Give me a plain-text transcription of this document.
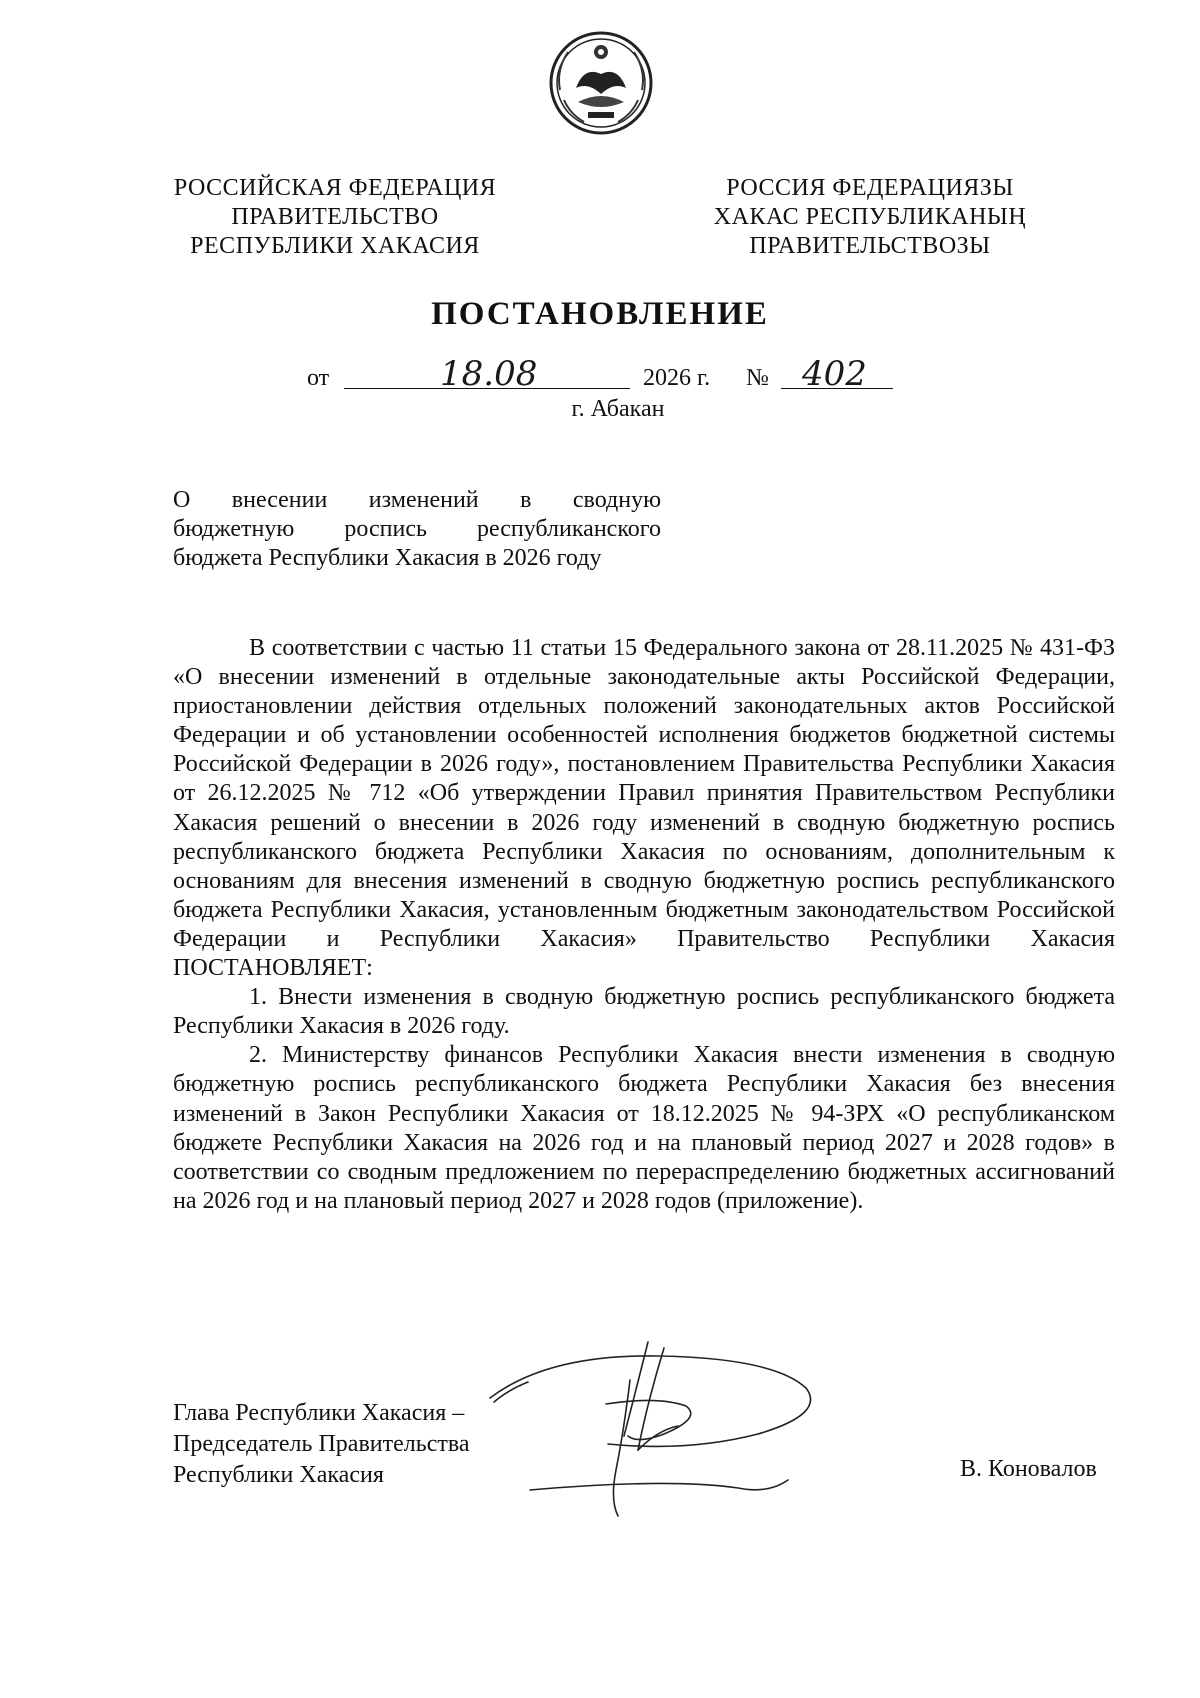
РОССИЙСКАЯ ФЕДЕРАЦИЯ
ПРАВИТЕЛЬСТВО
РЕСПУБЛИКИ ХАКАСИЯ
РОССИЯ ФЕДЕРАЦИЯЗЫ
ХАКАС РЕСПУБЛИКАНЫҢ
ПРАВИТЕЛЬСТВОЗЫ
ПОСТАНОВЛЕНИЕ
от	18.08	2026 г. № 402
г. Абакан
О внесении изменений в сводную
бюджетную роспись республиканского
бюджета Республики Хакасия в 2026 году

В соответствии с частью 11 статьи 15 Федерального закона от 28.11.2025 № 431-ФЗ «О внесении изменений в отдельные законодательные акты Российской Федерации, приостановлении действия отдельных положений законодательных актов Российской Федерации и об установлении особенностей исполнения бюджетов бюджетной системы Российской Федерации в 2026 году», постановлением Правительства Республики Хакасия от 26.12.2025 № 712 «Об утверждении Правил принятия Правительством Республики Хакасия решений о внесении в 2026 году изменений в сводную бюджетную роспись республиканского бюджета Республики Хакасия по основаниям, дополнительным к основаниям для внесения изменений в сводную бюджетную роспись республиканского бюджета Республики Хакасия, установленным бюджетным законодательством Российской Федерации и Республики Хакасия» Правительство Республики Хакасия ПОСТАНОВЛЯЕТ:

1. Внести изменения в сводную бюджетную роспись республиканского бюджета Республики Хакасия в 2026 году.

2. Министерству финансов Республики Хакасия внести изменения в сводную бюджетную роспись республиканского бюджета Республики Хакасия без внесения изменений в Закон Республики Хакасия от 18.12.2025 № 94-ЗРХ «О республиканском бюджете Республики Хакасия на 2026 год и на плановый период 2027 и 2028 годов» в соответствии со сводным предложением по перераспределению бюджетных ассигнований на 2026 год и на плановый период 2027 и 2028 годов (приложение).

Глава Республики Хакасия –
Председатель Правительства
Республики Хакасия	В. Коновалов
